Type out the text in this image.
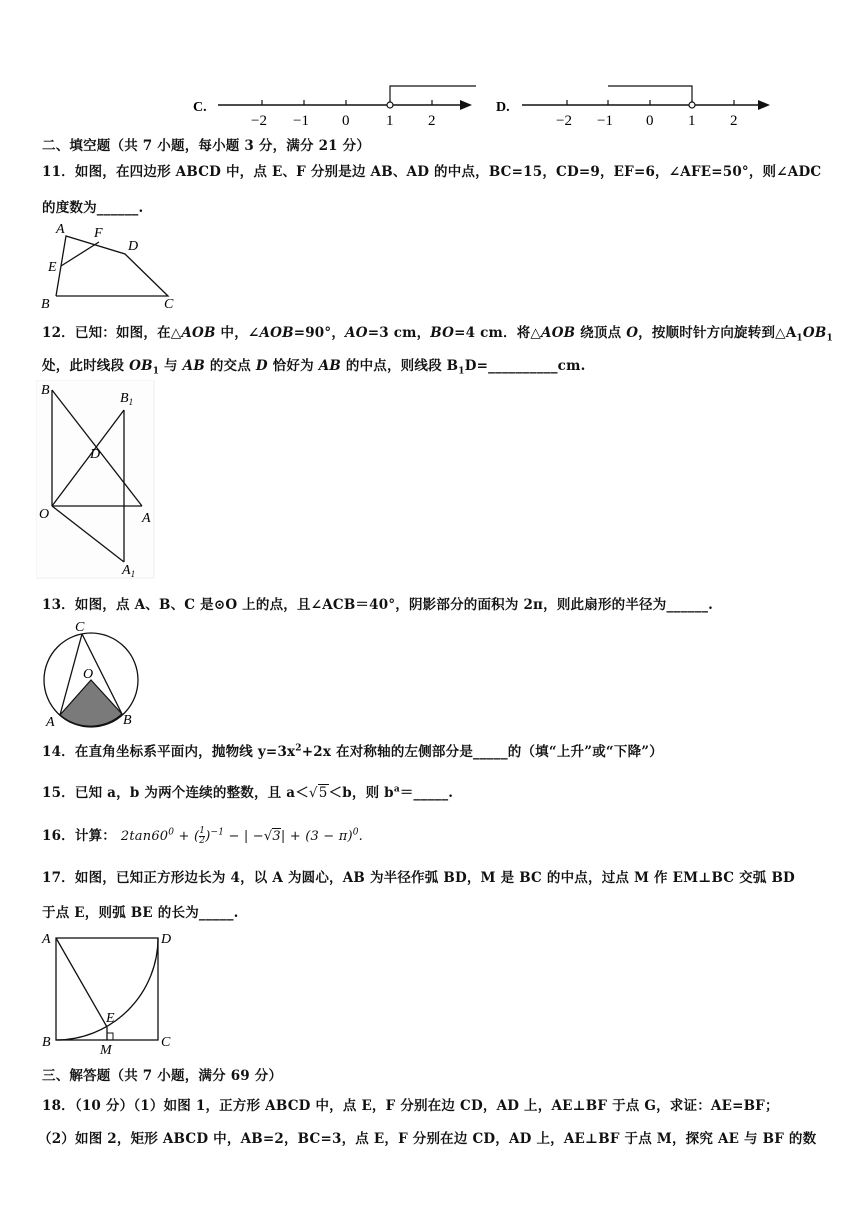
C.
−2 −1 0 1 2
D.
−2 −1 0 1 2
二、填空题（共 7 小题，每小题 3 分，满分 21 分）
11．如图，在四边形 ABCD 中，点 E、F 分别是边 AB、AD 的中点，BC=15，CD=9，EF=6，∠AFE=50°，则∠ADC
的度数为______.
A F
D
E
B	C
12．已知：如图，在△AOB 中，∠AOB=90°，AO=3 cm，BO=4 cm．将△AOB 绕顶点 O，按顺时针方向旋转到$\triangle A_1OB_1$
处，此时线段 $OB_1$ 与 AB 的交点 D 恰好为 AB 的中点，则线段 $B_1D=\_\_\_\_\_\_\_\_\_\_cm$.
B
$B_1$
D
O	A
$A_1$
13．如图，点 A、B、C 是⊙O 上的点，且∠ACB＝40°，阴影部分的面积为 2π，则此扇形的半径为______.
C
O
A	B
14．在直角坐标系平面内，抛物线 $y=3x^2+2x$ 在对称轴的左侧部分是_____的（填“上升”或“下降”）
15．已知 a，b 为两个连续的整数，且 a＜√5＜b，则 $b^a=\_\_\_\_\_$.
16．计算： $2\tan 60^0$ + ( $\frac{1}{2} )^{-1}$ − | $-√3| + (3 - \pi)^0$.
17．如图，已知正方形边长为 4，以 A 为圆心，AB 为半径作弧 BD，M 是 BC 的中点，过点 M 作 EM⊥BC 交弧 BD
于点 E，则弧 BE 的长为_____.
A	D
E
B
M
C
三、解答题（共 7 小题，满分 69 分）
18．（10 分）（1）如图 1，正方形 ABCD 中，点 E，F 分别在边 CD，AD 上，AE⊥BF 于点 G，求证：AE=BF；
（2）如图 2，矩形 ABCD 中，AB=2，BC=3，点 E，F 分别在边 CD，AD 上，AE⊥BF 于点 M，探究 AE 与 BF 的数
